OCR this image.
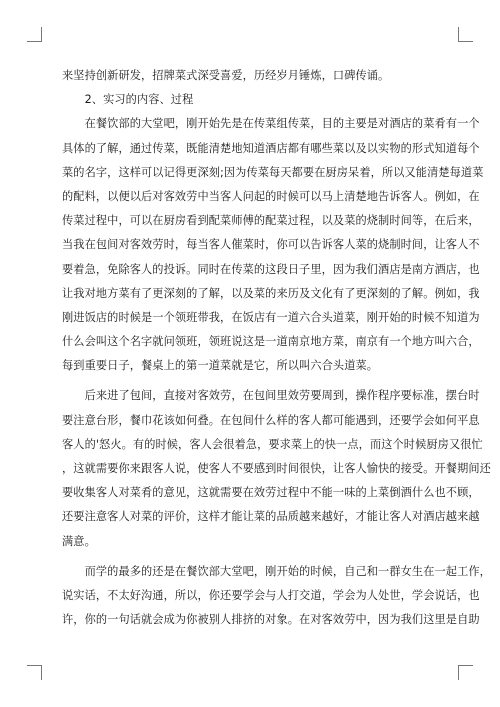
来坚持创新研发，招牌菜式深受喜爱，历经岁月锤炼，口碑传诵。
　　2、实习的内容、过程
　　在餐饮部的大堂吧，刚开始先是在传菜组传菜，目的主要是对酒店的菜肴有一个
具体的了解，通过传菜，既能清楚地知道酒店都有哪些菜以及以实物的形式知道每个
菜的名字，这样可以记得更深刻;因为传菜每天都要在厨房呆着，所以又能清楚每道菜
的配料，以便以后对客效劳中当客人问起的时候可以马上清楚地告诉客人。例如，在
传菜过程中，可以在厨房看到配菜师傅的配菜过程，以及菜的烧制时间等，在后来，
当我在包间对客效劳时，每当客人催菜时，你可以告诉客人菜的烧制时间，让客人不
要着急，免除客人的投诉。同时在传菜的这段日子里，因为我们酒店是南方酒店，也
让我对地方菜有了更深刻的了解，以及菜的来历及文化有了更深刻的了解。例如，我
刚进饭店的时候是一个领班带我，在饭店有一道六合头道菜，刚开始的时候不知道为
什么会叫这个名字就问领班，领班说这是一道南京地方菜，南京有一个地方叫六合，
每到重要日子，餐桌上的第一道菜就是它，所以叫六合头道菜。
　　后来进了包间，直接对客效劳，在包间里效劳要周到，操作程序要标准，摆台时
要注意台形，餐巾花该如何叠。在包间什么样的客人都可能遇到，还要学会如何平息
客人的'怒火。有的时候，客人会很着急，要求菜上的快一点，而这个时候厨房又很忙
，这就需要你来跟客人说，使客人不要感到时间很快，让客人愉快的接受。开餐期间还
要收集客人对菜肴的意见，这就需要在效劳过程中不能一味的上菜倒酒什么也不顾，
还要注意客人对菜的评价，这样才能让菜的品质越来越好，才能让客人对酒店越来越
满意。
　　而学的最多的还是在餐饮部大堂吧，刚开始的时候，自己和一群女生在一起工作，
说实话，不太好沟通，所以，你还要学会与人打交道，学会为人处世，学会说话，也
许，你的一句话就会成为你被别人排挤的对象。在对客效劳中，因为我们这里是自助
